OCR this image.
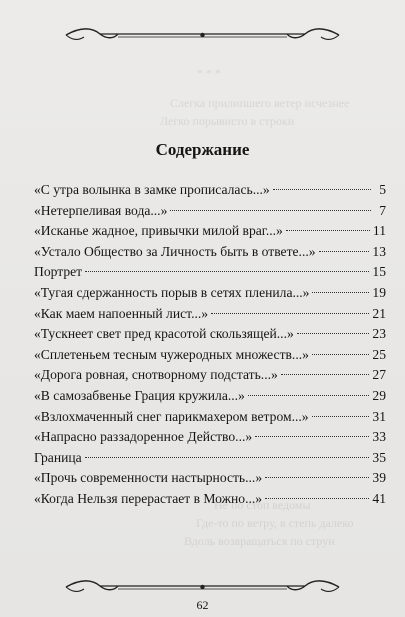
* * *
Слегка прилипшего ветер исчезнее
Легко порывисто в строки
Не по стоп ведомы
Где-то по ветру, в степь далеко
Вдоль возвращаться по струн
Содержание
«С утра волынка в замке прописалась...»	5
«Нетерпеливая вода...»	7
«Исканье жадное, привычки милой враг...»	11
«Устало Общество за Личность быть в ответе...»	13
Портрет	15
«Тугая сдержанность порыв в сетях пленила...»	19
«Как маем напоенный лист...»	21
«Тускнеет свет пред красотой скользящей...»	23
«Сплетеньем тесным чужеродных множеств...»	25
«Дорога ровная, снотворному подстать...»	27
«В самозабвенье Грация кружила...»	29
«Взлохмаченный снег парикмахером ветром...»	31
«Напрасно раззадоренное Действо...»	33
Граница	35
«Прочь современности настырность...»	39
«Когда Нельзя перерастает в Можно...»	41
62
